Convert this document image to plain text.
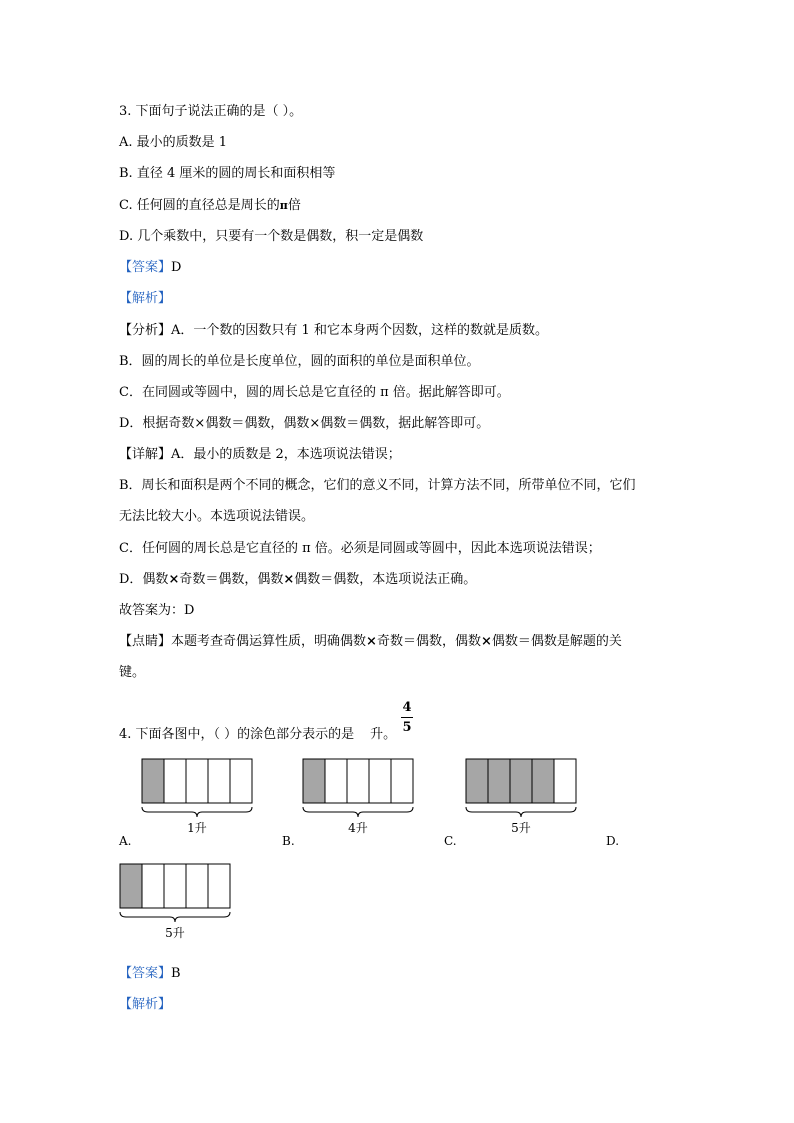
3. 下面句子说法正确的是（ ）。
A. 最小的质数是 1
B. 直径 4 厘米的圆的周长和面积相等
C. 任何圆的直径总是周长的π倍
D. 几个乘数中，只要有一个数是偶数，积一定是偶数
【答案】D
【解析】
【分析】A．一个数的因数只有 1 和它本身两个因数，这样的数就是质数。
B．圆的周长的单位是长度单位，圆的面积的单位是面积单位。
C．在同圆或等圆中，圆的周长总是它直径的 π 倍。据此解答即可。
D．根据奇数×偶数＝偶数，偶数×偶数＝偶数，据此解答即可。
【详解】A．最小的质数是 2，本选项说法错误；
B．周长和面积是两个不同的概念，它们的意义不同，计算方法不同，所带单位不同，它们
无法比较大小。本选项说法错误。
C．任何圆的周长总是它直径的 π 倍。必须是同圆或等圆中，因此本选项说法错误；
D．偶数×奇数＝偶数，偶数×偶数＝偶数，本选项说法正确。
故答案为：D
【点睛】本题考查奇偶运算性质，明确偶数×奇数＝偶数，偶数×偶数＝偶数是解题的关
键。
4. 下面各图中，（ ）的涂色部分表示的是 升。
4
5
1升	4升	5升
5升
A.	B.	C.	D.
【答案】B
【解析】
